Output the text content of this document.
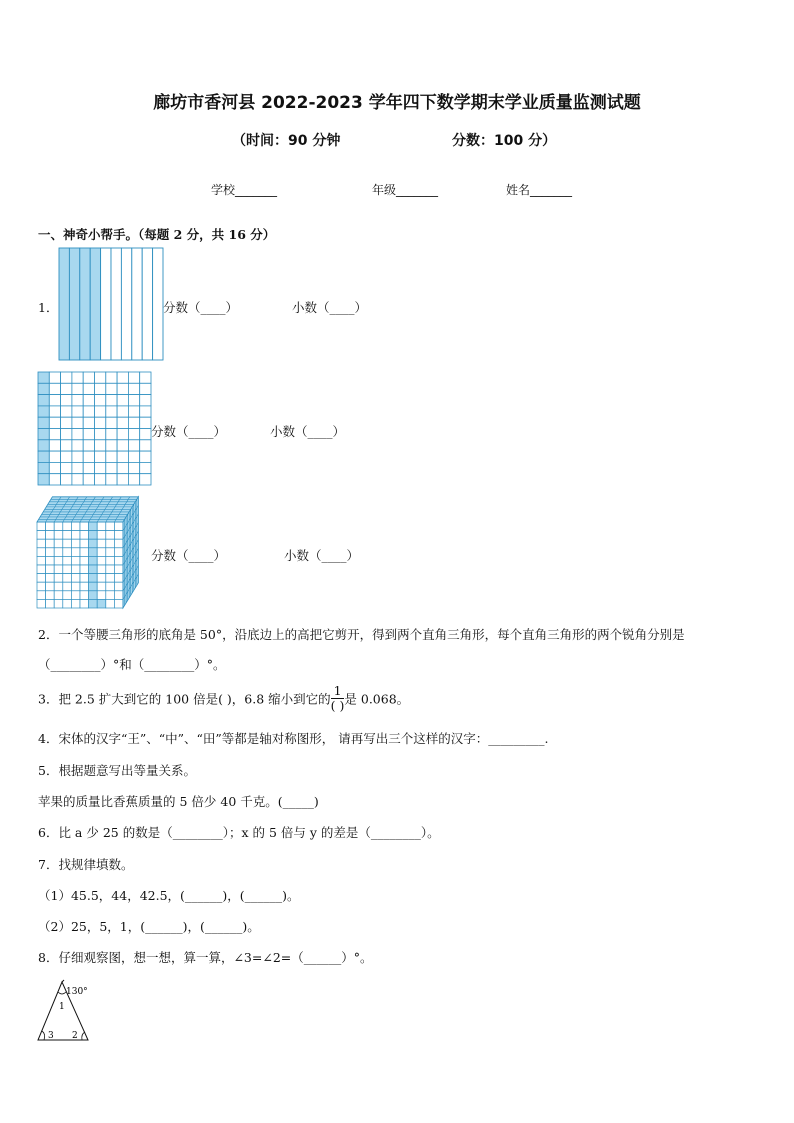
廊坊市香河县 2022-2023 学年四下数学期末学业质量监测试题
（时间：90 分钟	分数：100 分）
学校_______	年级_______	姓名_______
一、神奇小帮手。（每题 2 分，共 16 分）
1．	分数（____）	小数（____）
分数（____）	小数（____）
分数（____）	小数（____）
2．一个等腰三角形的底角是 50°，沿底边上的高把它剪开，得到两个直角三角形，每个直角三角形的两个锐角分别是
（________）°和（________）°。
3．把 2.5 扩大到它的 100 倍是( )，6.8 缩小到它的 $\frac{1}{( )}$ 是 0.068。
4．宋体的汉字“王”、“中”、“田”等都是轴对称图形， 请再写出三个这样的汉字：_________.
5．根据题意写出等量关系。
苹果的质量比香蕉质量的 5 倍少 40 千克。(_____)
6．比 a 少 25 的数是（________）；x 的 5 倍与 y 的差是（________）。
7．找规律填数。
（1）45.5，44，42.5，(______)，(______)。
（2）25，5，1，(______)，(______)。
8．仔细观察图，想一想，算一算，∠3=∠2=（______）°。
130°
1
3 2
